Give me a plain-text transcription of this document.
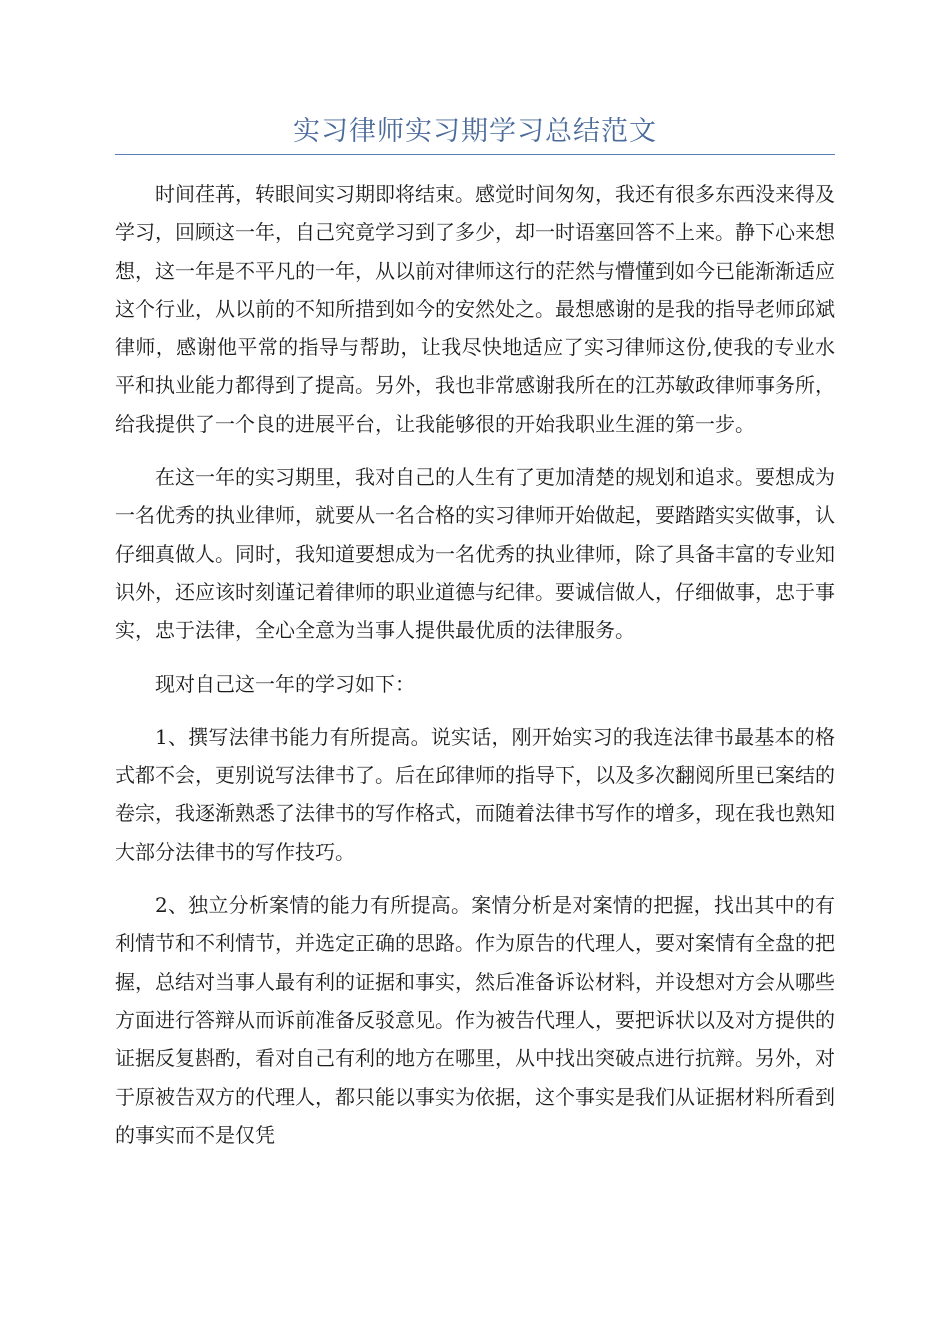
实习律师实习期学习总结范文

时间荏苒，转眼间实习期即将结束。感觉时间匆匆，我还有很多东西没来得及学习，回顾这一年，自己究竟学习到了多少，却一时语塞回答不上来。静下心来想想，这一年是不平凡的一年，从以前对律师这行的茫然与懵懂到如今已能渐渐适应这个行业，从以前的不知所措到如今的安然处之。最想感谢的是我的指导老师邱斌律师，感谢他平常的指导与帮助，让我尽快地适应了实习律师这份,使我的专业水平和执业能力都得到了提高。另外，我也非常感谢我所在的江苏敏政律师事务所，给我提供了一个良的进展平台，让我能够很的开始我职业生涯的第一步。

在这一年的实习期里，我对自己的人生有了更加清楚的规划和追求。要想成为一名优秀的执业律师，就要从一名合格的实习律师开始做起，要踏踏实实做事，认仔细真做人。同时，我知道要想成为一名优秀的执业律师，除了具备丰富的专业知识外，还应该时刻谨记着律师的职业道德与纪律。要诚信做人，仔细做事，忠于事实，忠于法律，全心全意为当事人提供最优质的法律服务。

现对自己这一年的学习如下：

1、撰写法律书能力有所提高。说实话，刚开始实习的我连法律书最基本的格式都不会，更别说写法律书了。后在邱律师的指导下，以及多次翻阅所里已案结的卷宗，我逐渐熟悉了法律书的写作格式，而随着法律书写作的增多，现在我也熟知大部分法律书的写作技巧。

2、独立分析案情的能力有所提高。案情分析是对案情的把握，找出其中的有利情节和不利情节，并选定正确的思路。作为原告的代理人，要对案情有全盘的把握，总结对当事人最有利的证据和事实，然后准备诉讼材料，并设想对方会从哪些方面进行答辩从而诉前准备反驳意见。作为被告代理人，要把诉状以及对方提供的证据反复斟酌，看对自己有利的地方在哪里，从中找出突破点进行抗辩。另外，对于原被告双方的代理人，都只能以事实为依据，这个事实是我们从证据材料所看到的事实而不是仅凭
